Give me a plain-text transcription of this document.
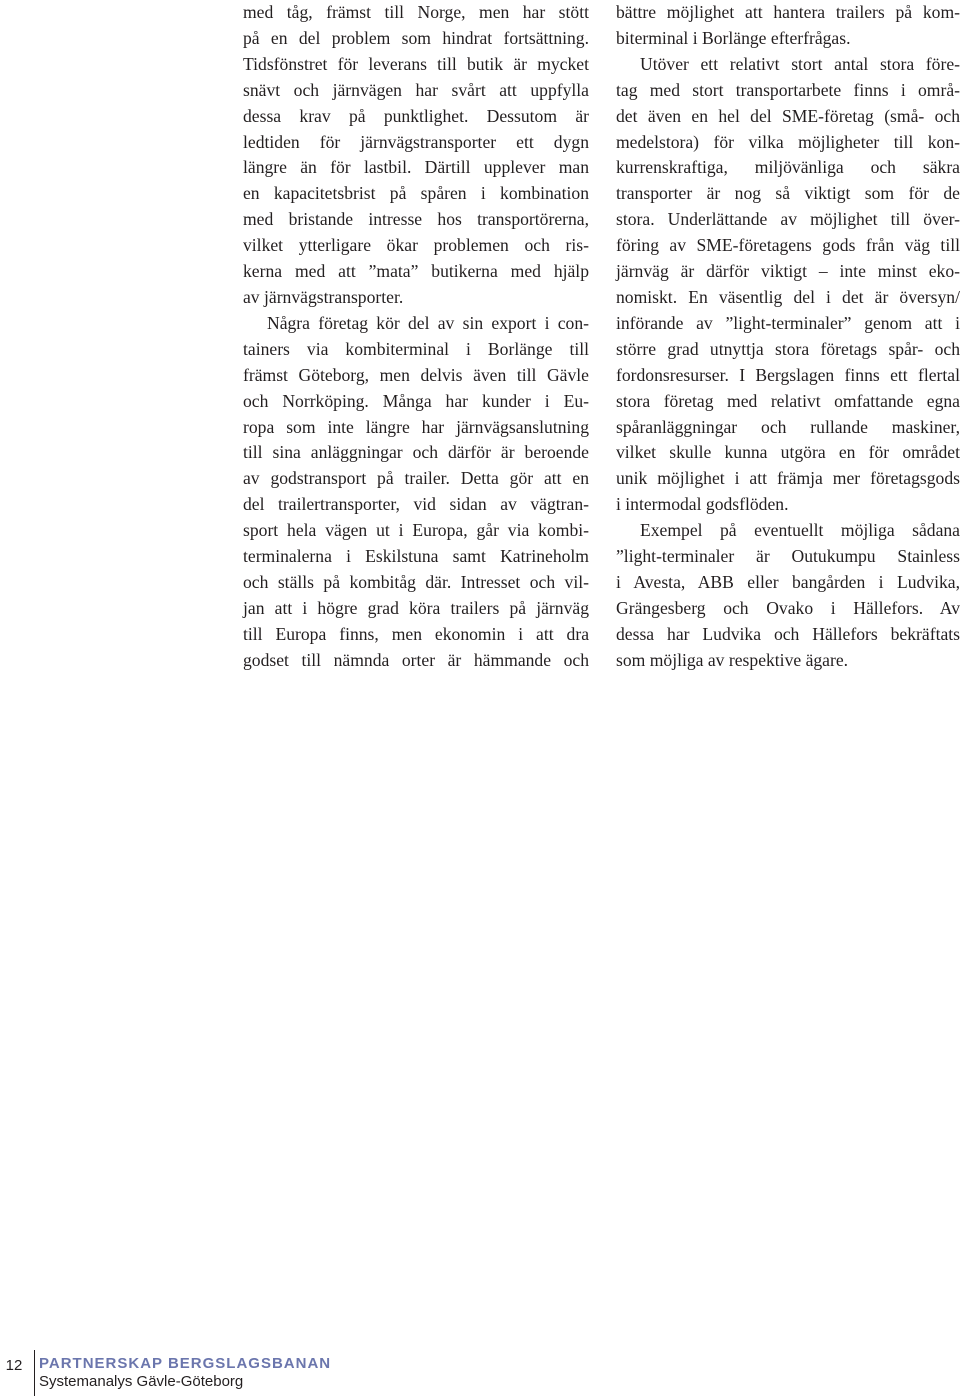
med tåg, främst till Norge, men har stött
på en del problem som hindrat fortsättning.
Tidsfönstret för leverans till butik är mycket
snävt och järnvägen har svårt att uppfylla
dessa krav på punktlighet. Dessutom är
ledtiden för järnvägstransporter ett dygn
längre än för lastbil. Därtill upplever man
en kapacitetsbrist på spåren i kombination
med bristande intresse hos transportörerna,
vilket ytterligare ökar problemen och ris-
kerna med att ”mata” butikerna med hjälp
av järnvägstransporter.
Några företag kör del av sin export i con-
tainers via kombiterminal i Borlänge till
främst Göteborg, men delvis även till Gävle
och Norrköping. Många har kunder i Eu-
ropa som inte längre har järnvägsanslutning
till sina anläggningar och därför är beroende
av godstransport på trailer. Detta gör att en
del trailertransporter, vid sidan av vägtran-
sport hela vägen ut i Europa, går via kombi-
terminalerna i Eskilstuna samt Katrineholm
och ställs på kombitåg där. Intresset och vil-
jan att i högre grad köra trailers på järnväg
till Europa finns, men ekonomin i att dra
godset till nämnda orter är hämmande och
bättre möjlighet att hantera trailers på kom-
biterminal i Borlänge efterfrågas.
Utöver ett relativt stort antal stora före-
tag med stort transportarbete finns i områ-
det även en hel del SME-företag (små- och
medelstora) för vilka möjligheter till kon-
kurrenskraftiga, miljövänliga och säkra
transporter är nog så viktigt som för de
stora. Underlättande av möjlighet till över-
föring av SME-företagens gods från väg till
järnväg är därför viktigt – inte minst eko-
nomiskt. En väsentlig del i det är översyn/
införande av ”light-terminaler” genom att i
större grad utnyttja stora företags spår- och
fordonsresurser. I Bergslagen finns ett flertal
stora företag med relativt omfattande egna
spåranläggningar och rullande maskiner,
vilket skulle kunna utgöra en för området
unik möjlighet i att främja mer företagsgods
i intermodal godsflöden.
Exempel på eventuellt möjliga sådana
”light-terminaler är Outukumpu Stainless
i Avesta, ABB eller bangården i Ludvika,
Grängesberg och Ovako i Hällefors. Av
dessa har Ludvika och Hällefors bekräftats
som möjliga av respektive ägare.
12	PARTNERSKAP BERGSLAGSBANAN
Systemanalys Gävle-Göteborg
